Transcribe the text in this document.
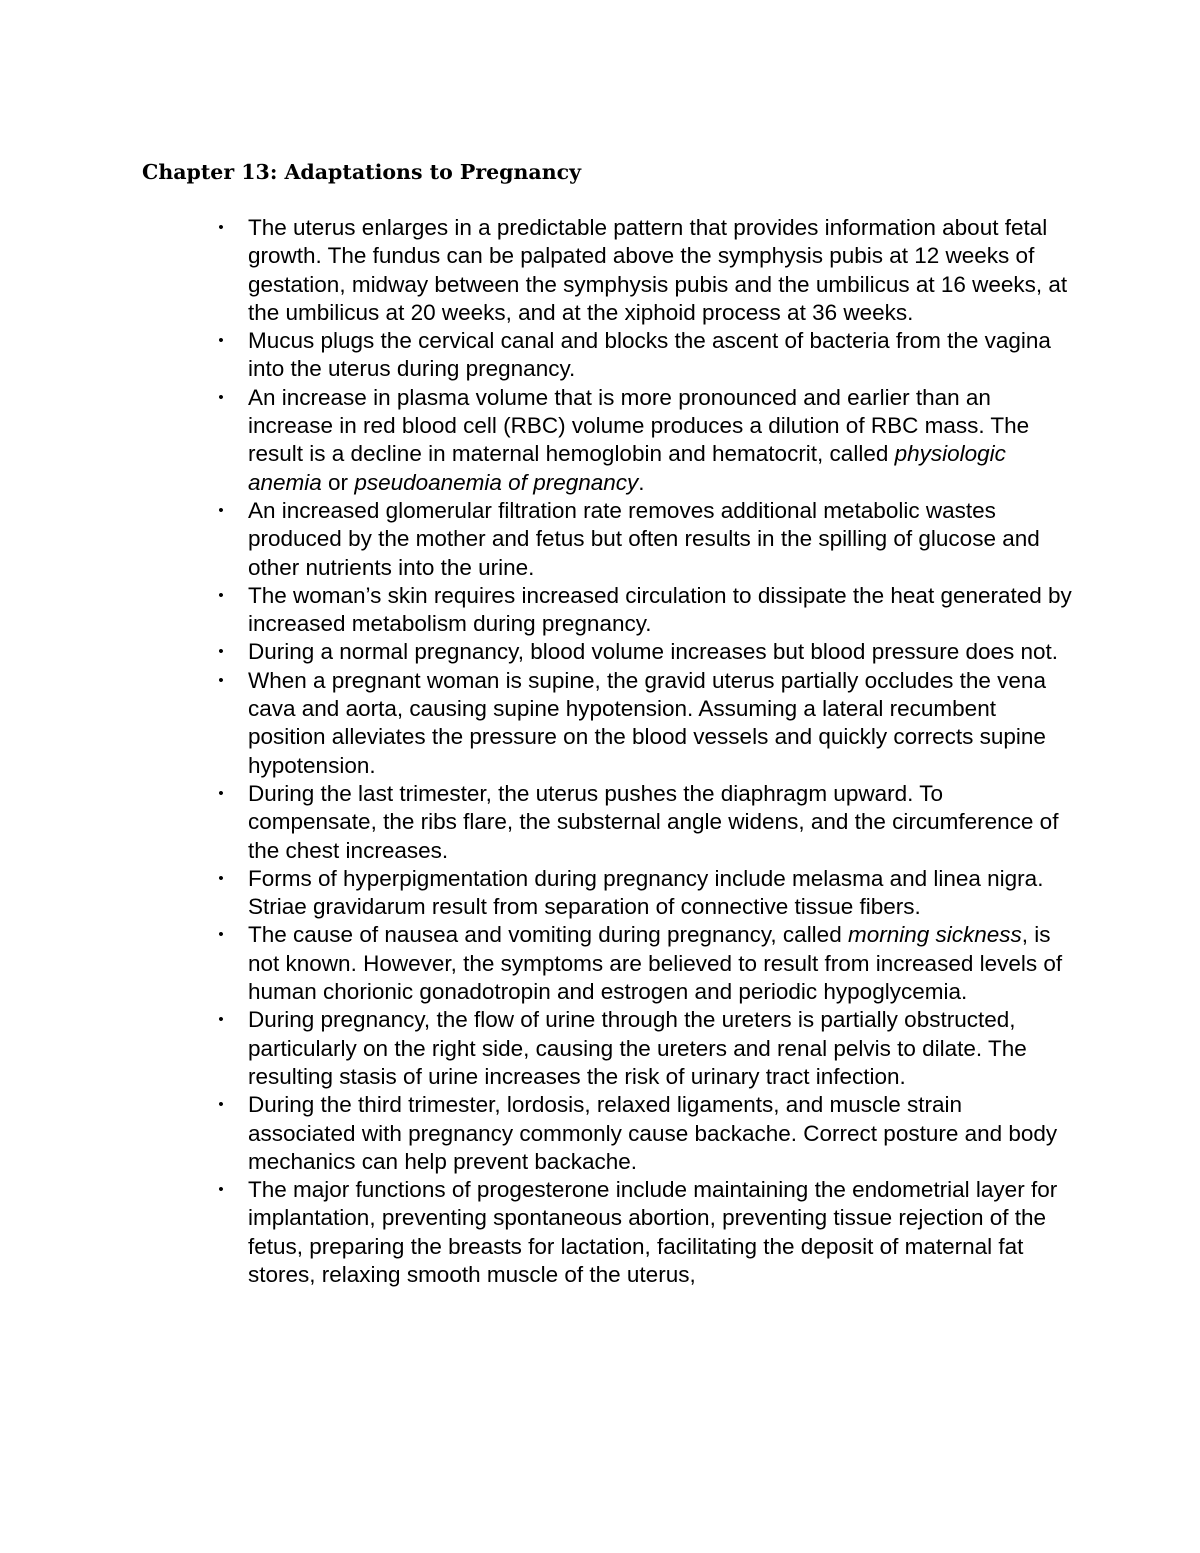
Chapter 13: Adaptations to Pregnancy
• The uterus enlarges in a predictable pattern that provides information about fetal growth. The fundus can be palpated above the symphysis pubis at 12 weeks of gestation, midway between the symphysis pubis and the umbilicus at 16 weeks, at the umbilicus at 20 weeks, and at the xiphoid process at 36 weeks.
• Mucus plugs the cervical canal and blocks the ascent of bacteria from the vagina into the uterus during pregnancy.
• An increase in plasma volume that is more pronounced and earlier than an increase in red blood cell (RBC) volume produces a dilution of RBC mass. The result is a decline in maternal hemoglobin and hematocrit, called physiologic anemia or pseudoanemia of pregnancy.
• An increased glomerular filtration rate removes additional metabolic wastes produced by the mother and fetus but often results in the spilling of glucose and other nutrients into the urine.
• The woman’s skin requires increased circulation to dissipate the heat generated by increased metabolism during pregnancy.
• During a normal pregnancy, blood volume increases but blood pressure does not.
• When a pregnant woman is supine, the gravid uterus partially occludes the vena cava and aorta, causing supine hypotension. Assuming a lateral recumbent position alleviates the pressure on the blood vessels and quickly corrects supine hypotension.
• During the last trimester, the uterus pushes the diaphragm upward. To compensate, the ribs flare, the substernal angle widens, and the circumference of the chest increases.
• Forms of hyperpigmentation during pregnancy include melasma and linea nigra. Striae gravidarum result from separation of connective tissue fibers.
• The cause of nausea and vomiting during pregnancy, called morning sickness, is not known. However, the symptoms are believed to result from increased levels of human chorionic gonadotropin and estrogen and periodic hypoglycemia.
• During pregnancy, the flow of urine through the ureters is partially obstructed, particularly on the right side, causing the ureters and renal pelvis to dilate. The resulting stasis of urine increases the risk of urinary tract infection.
• During the third trimester, lordosis, relaxed ligaments, and muscle strain associated with pregnancy commonly cause backache. Correct posture and body mechanics can help prevent backache.
• The major functions of progesterone include maintaining the endometrial layer for implantation, preventing spontaneous abortion, preventing tissue rejection of the fetus, preparing the breasts for lactation, facilitating the deposit of maternal fat stores, relaxing smooth muscle of the uterus,
